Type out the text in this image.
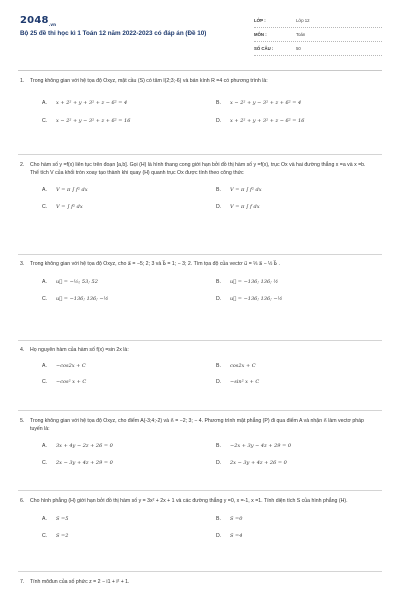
$2048_{.vn}$
Bộ 25 đề thi học kì 1 Toán 12 năm 2022-2023 có đáp án (Đề 10)
LỚP :	Lớp 12
MÔN :	Toán
SỐ CÂU :	50
1. Trong không gian với hệ tọa độ Oxyz, mặt cầu (S) có tâm I(2;3;-6) và bán kính R =4 có phương trình là:
A.	x + 2² + y + 3² + z − 6² = 4	B.	x − 2² + y − 3² + z + 6² = 4
C.	x − 2² + y − 3² + z + 6² = 16	D.	x + 2² + y + 3² + z − 6² = 16
2. Cho hàm số y =f(x) liên tục trên đoạn [a,b]. Gọi (H) là hình thang cong giới hạn bởi đồ thị hàm số y =f(x), trục Ox và hai đường thẳng x =a và x =b. Thể tích V của khối tròn xoay tạo thành khi quay (H) quanh trục Ox được tính theo công thức
A.	V = π ∫ f² dx	B.	V = π ∫ f² dx
C.	V = ∫ f² dx	D.	V = π ∫ f dx
3. Trong không gian với hệ tọa độ Oxyz, cho a⃗ = −5; 2; 3 và b⃗ = 1; − 3; 2. Tìm tọa độ của vectơ u⃗ = ⅓ a⃗ − ½ b⃗ .
A.	u⃗ = −⅙; 53; 52	B.	u⃗ = −136; 136; ½
C.	u⃗ = −136; 136; −½	D.	u⃗ = −136; 136; −½
4. Họ nguyên hàm của hàm số f(x) =sin 2x là:
A.	−cos2x + C	B.	cos2x + C
C.	−cos² x + C	D.	−sin² x + C
5. Trong không gian với hệ tọa độ Oxyz, cho điểm A(-3;4;-2) và n⃗ = −2; 3; − 4. Phương trình mặt phẳng (P) đi qua điểm A và nhận n⃗ làm vectơ pháp tuyến là:
A.	3x + 4y − 2z + 26 = 0	B.	−2x + 3y − 4z + 29 = 0
C.	2x − 3y + 4z + 29 = 0	D.	2x − 3y + 4z + 26 = 0
6. Cho hình phẳng (H) giới hạn bởi đồ thị hàm số y = 3x² + 2x + 1 và các đường thẳng y =0, x =-1, x =1. Tính diện tích S của hình phẳng (H).
A.	S =5	B.	S =0
C.	S =2	D.	S =4
7. Tính môđun của số phức z = 2 − i1 + i² + 1.
